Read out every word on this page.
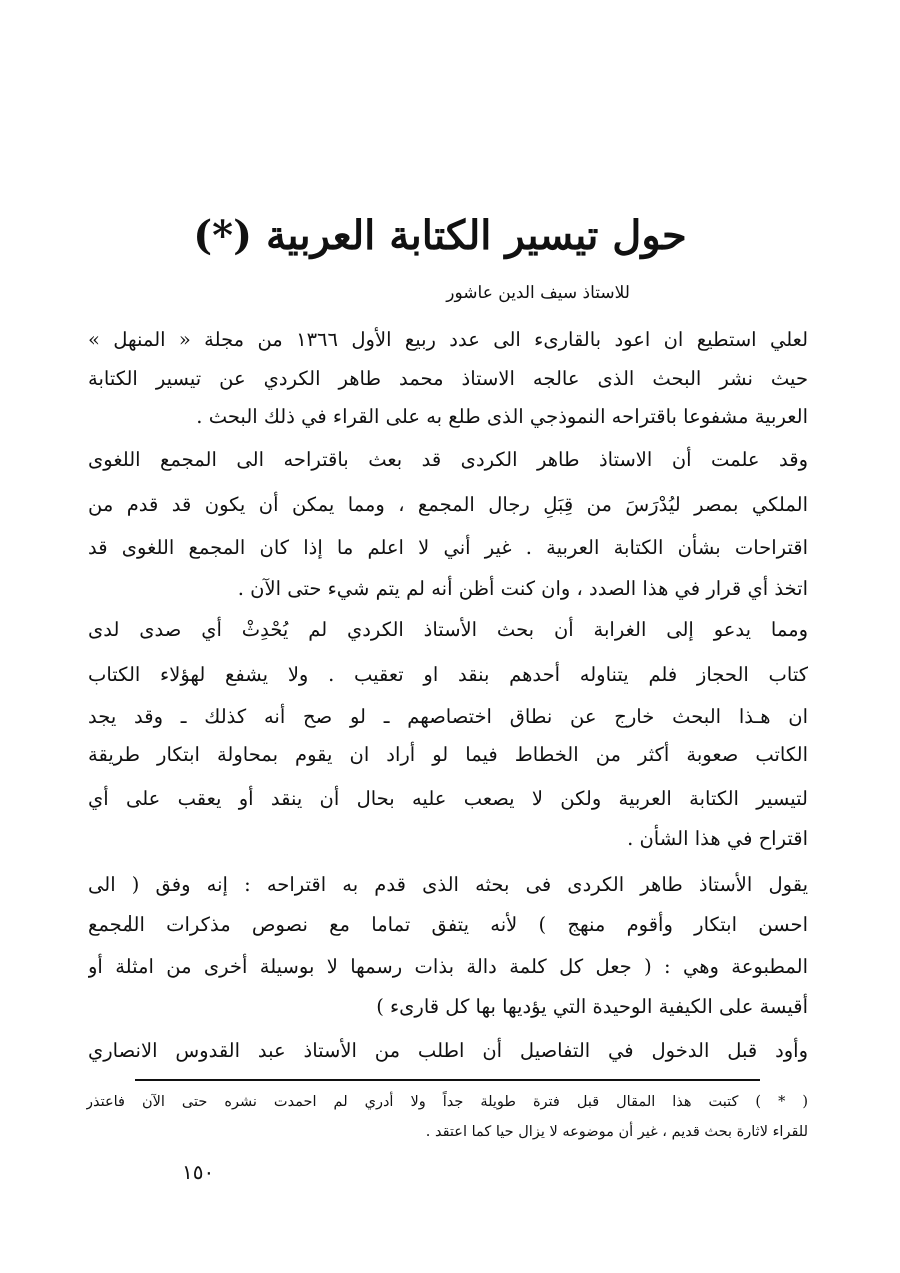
حول تيسير الكتابة العربية (*)
للاستاذ سيف الدين عاشور
لعلي استطيع ان اعود بالقارىء الى عدد ربيع الأول ١٣٦٦ من مجلة « المنهل »
حيث نشر البحث الذى عالجه الاستاذ محمد طاهر الكردي عن تيسير الكتابة
العربية مشفوعا باقتراحه النموذجي الذى طلع به على القراء في ذلك البحث .
وقد علمت أن الاستاذ طاهر الكردى قد بعث باقتراحه الى المجمع اللغوى
الملكي بمصر ليُدْرَسَ من قِبَلِ رجال المجمع ، ومما يمكن أن يكون قد قدم من
اقتراحات بشأن الكتابة العربية . غير أني لا اعلم ما إذا كان المجمع اللغوى قد
اتخذ أي قرار في هذا الصدد ، وان كنت أظن أنه لم يتم شيء حتى الآن .
ومما يدعو إلى الغرابة أن بحث الأستاذ الكردي لم يُحْدِثْ أي صدى لدى
كتاب الحجاز فلم يتناوله أحدهم بنقد او تعقيب . ولا يشفع لهؤلاء الكتاب
ان هـذا البحث خارج عن نطاق اختصاصهم ـ لو صح أنه كذلك ـ وقد يجد
الكاتب صعوبة أكثر من الخطاط فيما لو أراد ان يقوم بمحاولة ابتكار طريقة
لتيسير الكتابة العربية ولكن لا يصعب عليه بحال أن ينقد أو يعقب على أي
اقتراح في هذا الشأن .
يقول الأستاذ طاهر الكردى فى بحثه الذى قدم به اقتراحه : إنه وفق ( الى
احسن ابتكار وأقوم منهج ) لأنه يتفق تماما مع نصوص مذكرات المجمع
المطبوعة وهي : ( جعل كل كلمة دالة بذات رسمها لا بوسيلة أخرى من امثلة أو
أقيسة على الكيفية الوحيدة التي يؤديها بها كل قارىء )
وأود قبل الدخول في التفاصيل أن اطلب من الأستاذ عبد القدوس الانصاري
( * ) كتبت هذا المقال قبل فترة طويلة جداً ولا أدري لم احمدت نشره حتى الآن فاعتذر
للقراء لاثارة بحث قديم ، غير أن موضوعه لا يزال حيا كما اعتقد .
١٥٠
